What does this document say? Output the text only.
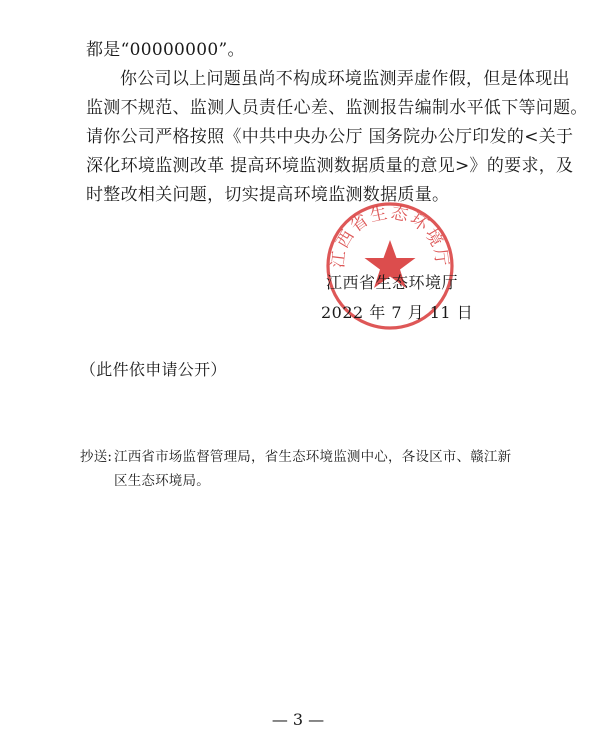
都是“00000000”。
你公司以上问题虽尚不构成环境监测弄虚作假，但是体现出
监测不规范、监测人员责任心差、监测报告编制水平低下等问题。
请你公司严格按照《中共中央办公厅 国务院办公厅印发的<关于
深化环境监测改革 提高环境监测数据质量的意见>》的要求，及
时整改相关问题，切实提高环境监测数据质量。
江西省生态环境厅
江西省生态环境厅
2022 年 7 月 11 日
（此件依申请公开）
抄送: 江西省市场监督管理局，省生态环境监测中心，各设区市、赣江新
区生态环境局。
— 3 —
